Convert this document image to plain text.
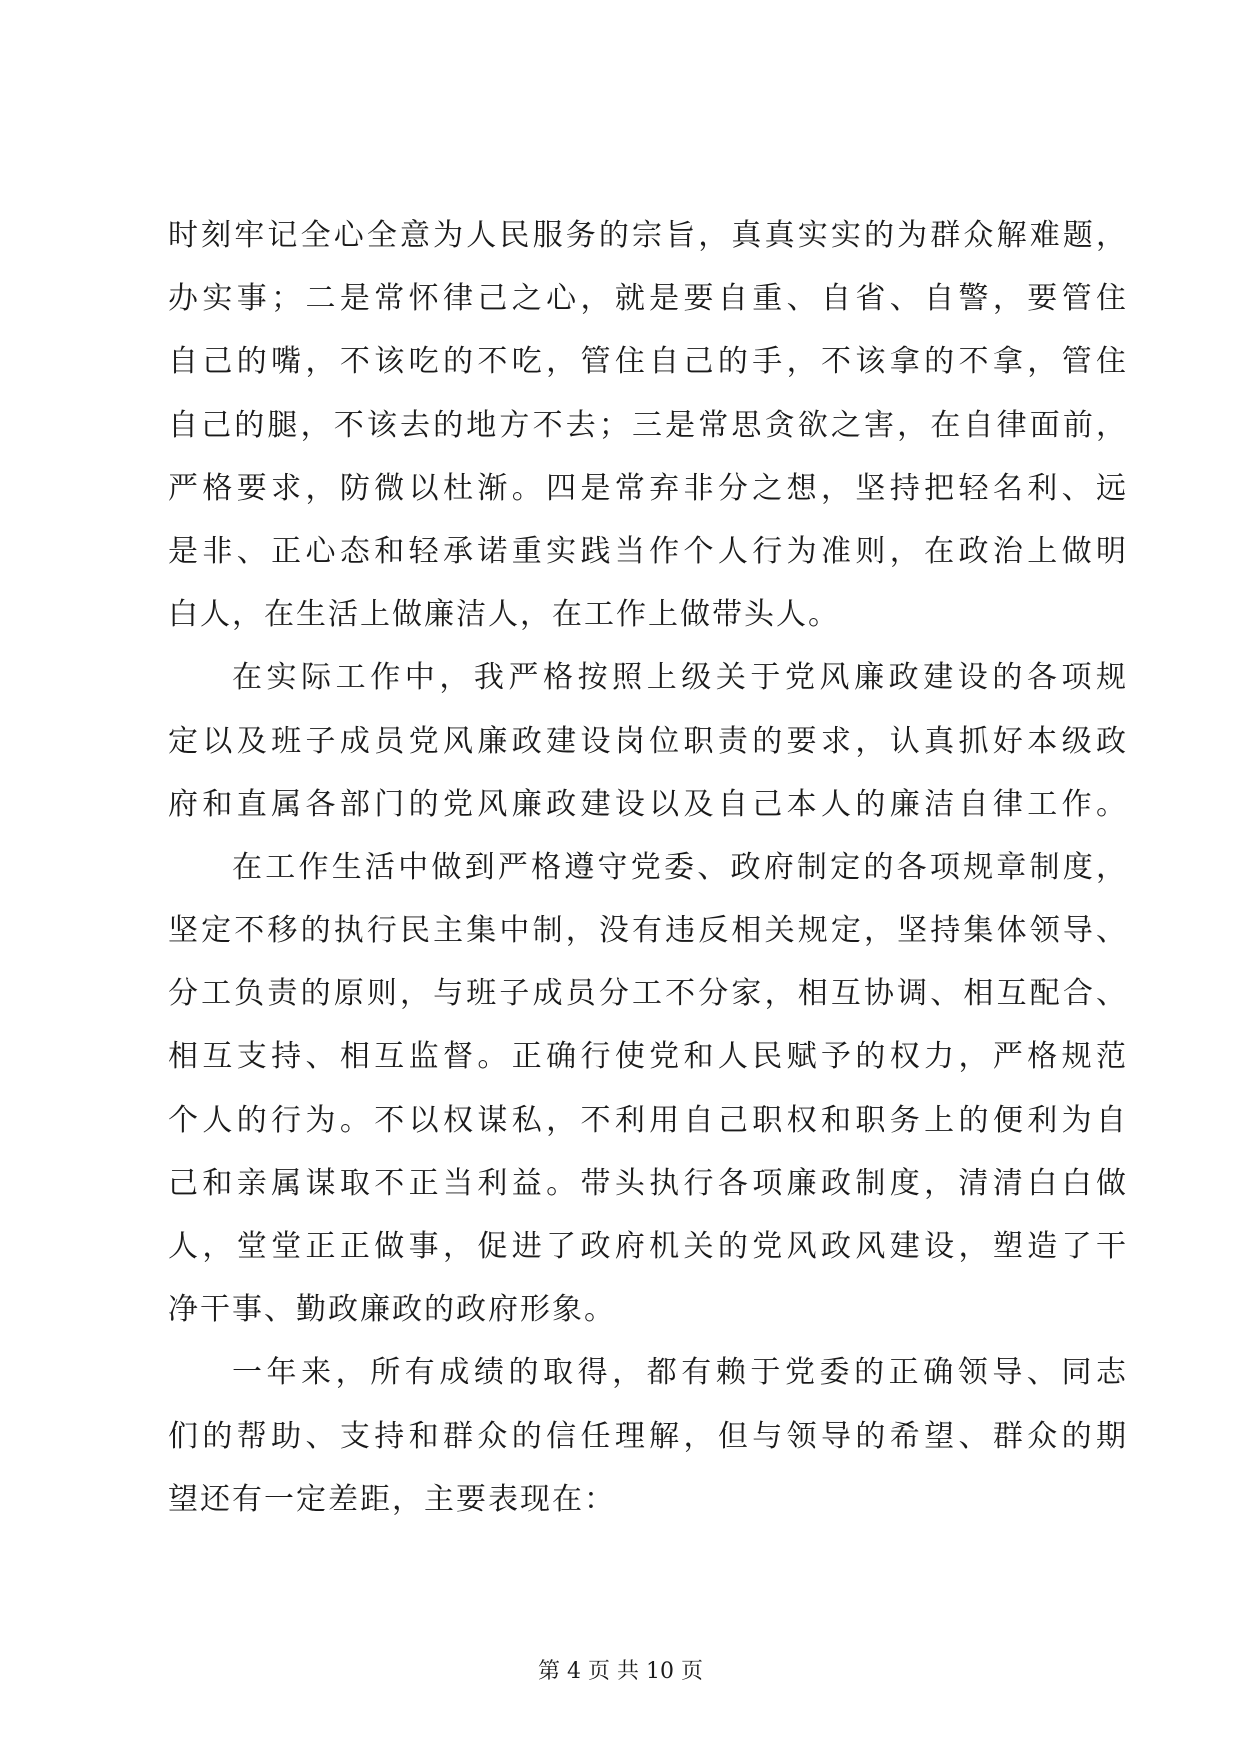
时刻牢记全心全意为人民服务的宗旨，真真实实的为群众解难题，
办实事；二是常怀律己之心，就是要自重、自省、自警，要管住
自己的嘴，不该吃的不吃，管住自己的手，不该拿的不拿，管住
自己的腿，不该去的地方不去；三是常思贪欲之害，在自律面前，
严格要求，防微以杜渐。四是常弃非分之想，坚持把轻名利、远
是非、正心态和轻承诺重实践当作个人行为准则，在政治上做明
白人，在生活上做廉洁人，在工作上做带头人。
在实际工作中，我严格按照上级关于党风廉政建设的各项规
定以及班子成员党风廉政建设岗位职责的要求，认真抓好本级政
府和直属各部门的党风廉政建设以及自己本人的廉洁自律工作。
在工作生活中做到严格遵守党委、政府制定的各项规章制度，
坚定不移的执行民主集中制，没有违反相关规定，坚持集体领导、
分工负责的原则，与班子成员分工不分家，相互协调、相互配合、
相互支持、相互监督。正确行使党和人民赋予的权力，严格规范
个人的行为。不以权谋私，不利用自己职权和职务上的便利为自
己和亲属谋取不正当利益。带头执行各项廉政制度，清清白白做
人，堂堂正正做事，促进了政府机关的党风政风建设，塑造了干
净干事、勤政廉政的政府形象。
一年来，所有成绩的取得，都有赖于党委的正确领导、同志
们的帮助、支持和群众的信任理解，但与领导的希望、群众的期
望还有一定差距，主要表现在：
第 4 页 共 10 页
